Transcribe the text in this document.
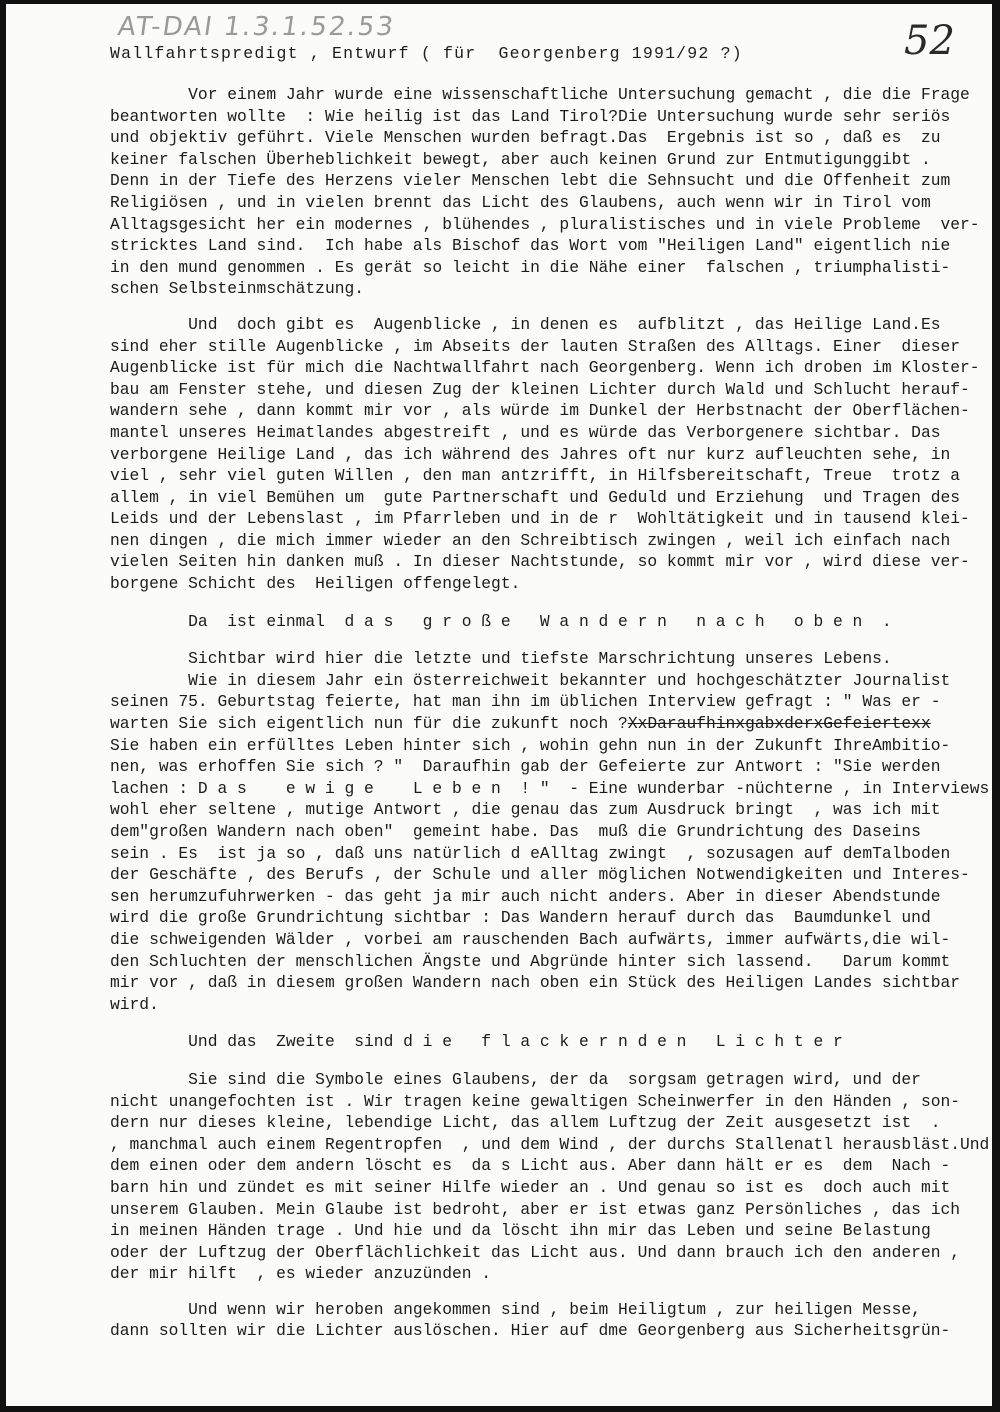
AT-DAI 1.3.1.52.53	52
Wallfahrtspredigt , Entwurf ( für  Georgenberg 1991/92 ?)

Vor einem Jahr wurde eine wissenschaftliche Untersuchung gemacht , die die Frage

beantworten wollte  : Wie heilig ist das Land Tirol?Die Untersuchung wurde sehr seriös

und objektiv geführt. Viele Menschen wurden befragt.Das  Ergebnis ist so , daß es  zu

keiner falschen Überheblichkeit bewegt, aber auch keinen Grund zur Entmutigunggibt .

Denn in der Tiefe des Herzens vieler Menschen lebt die Sehnsucht und die Offenheit zum

Religiösen , und in vielen brennt das Licht des Glaubens, auch wenn wir in Tirol vom

Alltagsgesicht her ein modernes , blühendes , pluralistisches und in viele Probleme  ver-

stricktes Land sind.  Ich habe als Bischof das Wort vom "Heiligen Land" eigentlich nie

in den mund genommen . Es gerät so leicht in die Nähe einer  falschen , triumphalisti-

schen Selbsteinmschätzung.

Und  doch gibt es  Augenblicke , in denen es  aufblitzt , das Heilige Land.Es

sind eher stille Augenblicke , im Abseits der lauten Straßen des Alltags. Einer  dieser

Augenblicke ist für mich die Nachtwallfahrt nach Georgenberg. Wenn ich droben im Kloster-

bau am Fenster stehe, und diesen Zug der kleinen Lichter durch Wald und Schlucht herauf-

wandern sehe , dann kommt mir vor , als würde im Dunkel der Herbstnacht der Oberflächen-

mantel unseres Heimatlandes abgestreift , und es würde das Verborgenere sichtbar. Das

verborgene Heilige Land , das ich während des Jahres oft nur kurz aufleuchten sehe, in

viel , sehr viel guten Willen , den man antzrifft, in Hilfsbereitschaft, Treue  trotz a

allem , in viel Bemühen um  gute Partnerschaft und Geduld und Erziehung  und Tragen des

Leids und der Lebenslast , im Pfarrleben und in de r  Wohltätigkeit und in tausend klei-

nen dingen , die mich immer wieder an den Schreibtisch zwingen , weil ich einfach nach

vielen Seiten hin danken muß . In dieser Nachtstunde, so kommt mir vor , wird diese ver-

borgene Schicht des  Heiligen offengelegt.

Da  ist einmal  d a s   g r o ß e   W a n d e r n   n a c h   o b e n  .

Sichtbar wird hier die letzte und tiefste Marschrichtung unseres Lebens.

Wie in diesem Jahr ein österreichweit bekannter und hochgeschätzter Journalist

seinen 75. Geburtstag feierte, hat man ihn im üblichen Interview gefragt : " Was er -

warten Sie sich eigentlich nun für die zukunft noch ?XxDaraufhinxgabxderxGefeiertexx

Sie haben ein erfülltes Leben hinter sich , wohin gehn nun in der Zukunft IhreAmbitio-

nen, was erhoffen Sie sich ? "  Daraufhin gab der Gefeierte zur Antwort : "Sie werden

lachen : D a s    e w i g e    L e b e n  ! "  - Eine wunderbar -nüchterne , in Interviews

wohl eher seltene , mutige Antwort , die genau das zum Ausdruck bringt  , was ich mit

dem"großen Wandern nach oben"  gemeint habe. Das  muß die Grundrichtung des Daseins

sein . Es  ist ja so , daß uns natürlich d eAlltag zwingt  , sozusagen auf demTalboden

der Geschäfte , des Berufs , der Schule und aller möglichen Notwendigkeiten und Interes-

sen herumzufuhrwerken - das geht ja mir auch nicht anders. Aber in dieser Abendstunde

wird die große Grundrichtung sichtbar : Das Wandern herauf durch das  Baumdunkel und

die schweigenden Wälder , vorbei am rauschenden Bach aufwärts, immer aufwärts,die wil-

den Schluchten der menschlichen Ängste und Abgründe hinter sich lassend.   Darum kommt

mir vor , daß in diesem großen Wandern nach oben ein Stück des Heiligen Landes sichtbar

wird.

Und das  Zweite  sind d i e   f l a c k e r n d e n   L i c h t e r

Sie sind die Symbole eines Glaubens, der da  sorgsam getragen wird, und der

nicht unangefochten ist . Wir tragen keine gewaltigen Scheinwerfer in den Händen , son-

dern nur dieses kleine, lebendige Licht, das allem Luftzug der Zeit ausgesetzt ist  .

, manchmal auch einem Regentropfen  , und dem Wind , der durchs Stallenatl herausbläst.Und

dem einen oder dem andern löscht es  da s Licht aus. Aber dann hält er es  dem  Nach -

barn hin und zündet es mit seiner Hilfe wieder an . Und genau so ist es  doch auch mit

unserem Glauben. Mein Glaube ist bedroht, aber er ist etwas ganz Persönliches , das ich

in meinen Händen trage . Und hie und da löscht ihn mir das Leben und seine Belastung

oder der Luftzug der Oberflächlichkeit das Licht aus. Und dann brauch ich den anderen ,

der mir hilft  , es wieder anzuzünden .

Und wenn wir heroben angekommen sind , beim Heiligtum , zur heiligen Messe,

dann sollten wir die Lichter auslöschen. Hier auf dme Georgenberg aus Sicherheitsgrün-
